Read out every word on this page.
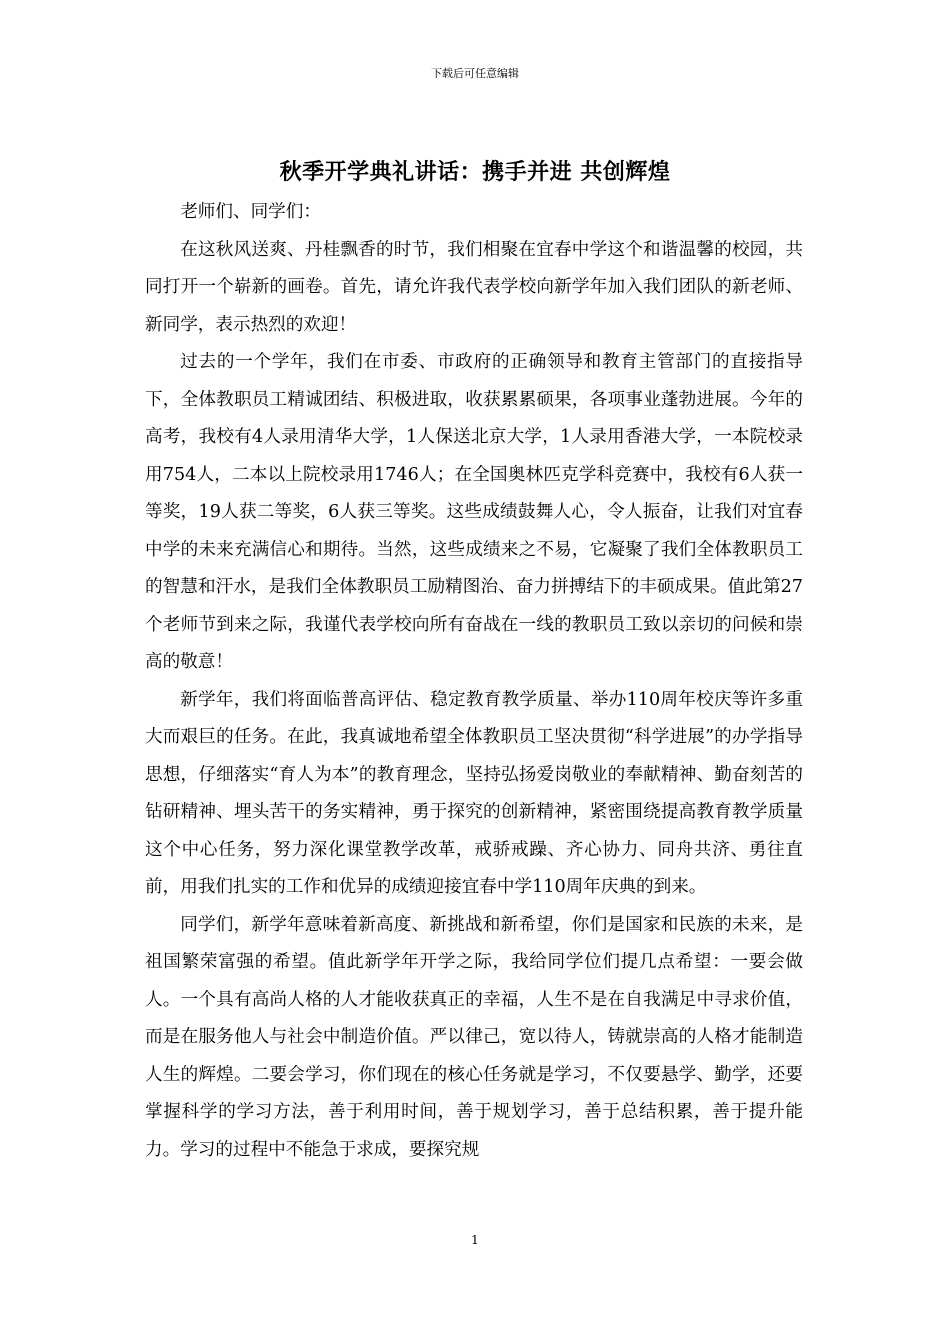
下载后可任意编辑
秋季开学典礼讲话：携手并进 共创辉煌

老师们、同学们：

在这秋风送爽、丹桂飘香的时节，我们相聚在宜春中学这个和谐温馨的校园，共同打开一个崭新的画卷。首先，请允许我代表学校向新学年加入我们团队的新老师、新同学，表示热烈的欢迎！

过去的一个学年，我们在市委、市政府的正确领导和教育主管部门的直接指导下，全体教职员工精诚团结、积极进取，收获累累硕果，各项事业蓬勃进展。今年的高考，我校有4人录用清华大学，1人保送北京大学，1人录用香港大学，一本院校录用754人，二本以上院校录用1746人；在全国奥林匹克学科竞赛中，我校有6人获一等奖，19人获二等奖，6人获三等奖。这些成绩鼓舞人心，令人振奋，让我们对宜春中学的未来充满信心和期待。当然，这些成绩来之不易，它凝聚了我们全体教职员工的智慧和汗水，是我们全体教职员工励精图治、奋力拼搏结下的丰硕成果。值此第27个老师节到来之际，我谨代表学校向所有奋战在一线的教职员工致以亲切的问候和崇高的敬意！

新学年，我们将面临普高评估、稳定教育教学质量、举办110周年校庆等许多重大而艰巨的任务。在此，我真诚地希望全体教职员工坚决贯彻“科学进展”的办学指导思想，仔细落实“育人为本”的教育理念，坚持弘扬爱岗敬业的奉献精神、勤奋刻苦的钻研精神、埋头苦干的务实精神，勇于探究的创新精神，紧密围绕提高教育教学质量这个中心任务，努力深化课堂教学改革，戒骄戒躁、齐心协力、同舟共济、勇往直前，用我们扎实的工作和优异的成绩迎接宜春中学110周年庆典的到来。

同学们，新学年意味着新高度、新挑战和新希望，你们是国家和民族的未来，是祖国繁荣富强的希望。值此新学年开学之际，我给同学位们提几点希望：一要会做人。一个具有高尚人格的人才能收获真正的幸福，人生不是在自我满足中寻求价值，而是在服务他人与社会中制造价值。严以律己，宽以待人，铸就崇高的人格才能制造人生的辉煌。二要会学习，你们现在的核心任务就是学习，不仅要悬学、勤学，还要掌握科学的学习方法，善于利用时间，善于规划学习，善于总结积累，善于提升能力。学习的过程中不能急于求成，要探究规

1
